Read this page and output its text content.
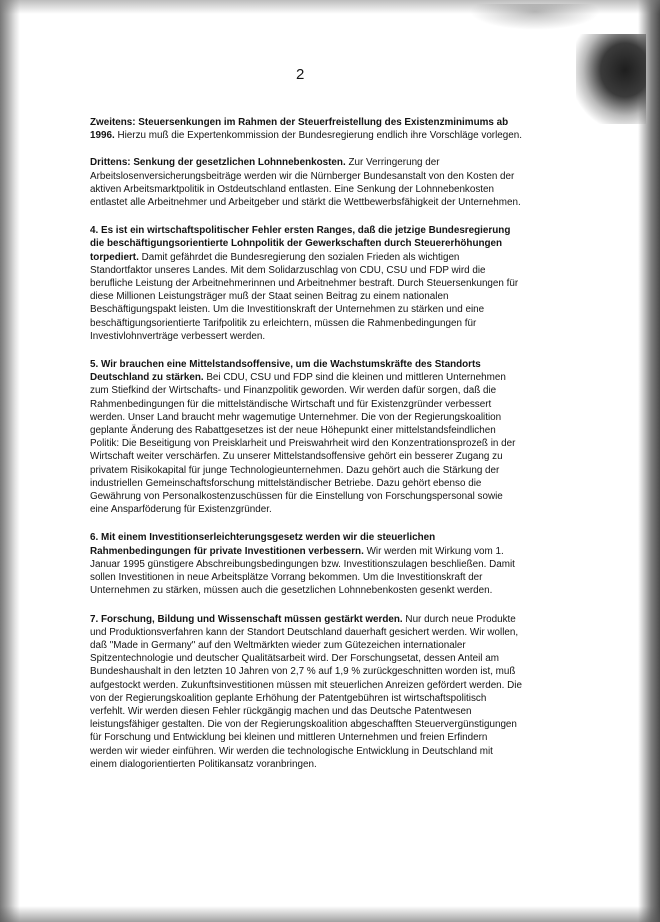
2

Zweitens: Steuersenkungen im Rahmen der Steuerfreistellung des Existenzminimums ab 1996. Hierzu muß die Expertenkommission der Bundesregierung endlich ihre Vorschläge vorlegen.

Drittens: Senkung der gesetzlichen Lohnnebenkosten. Zur Verringerung der Arbeitslosenversicherungsbeiträge werden wir die Nürnberger Bundesanstalt von den Kosten der aktiven Arbeitsmarktpolitik in Ostdeutschland entlasten. Eine Senkung der Lohnnebenkosten entlastet alle Arbeitnehmer und Arbeitgeber und stärkt die Wettbewerbsfähigkeit der Unternehmen.

4. Es ist ein wirtschaftspolitischer Fehler ersten Ranges, daß die jetzige Bundesregierung die beschäftigungsorientierte Lohnpolitik der Gewerkschaften durch Steuererhöhungen torpediert. Damit gefährdet die Bundesregierung den sozialen Frieden als wichtigen Standortfaktor unseres Landes. Mit dem Solidarzuschlag von CDU, CSU und FDP wird die berufliche Leistung der Arbeitnehmerinnen und Arbeitnehmer bestraft. Durch Steuersenkungen für diese Millionen Leistungsträger muß der Staat seinen Beitrag zu einem nationalen Beschäftigungspakt leisten. Um die Investitionskraft der Unternehmen zu stärken und eine beschäftigungsorientierte Tarifpolitik zu erleichtern, müssen die Rahmenbedingungen für Investivlohnverträge verbessert werden.

5. Wir brauchen eine Mittelstandsoffensive, um die Wachstumskräfte des Standorts Deutschland zu stärken. Bei CDU, CSU und FDP sind die kleinen und mittleren Unternehmen zum Stiefkind der Wirtschafts- und Finanzpolitik geworden. Wir werden dafür sorgen, daß die Rahmenbedingungen für die mittelständische Wirtschaft und für Existenzgründer verbessert werden. Unser Land braucht mehr wagemutige Unternehmer. Die von der Regierungskoalition geplante Änderung des Rabattgesetzes ist der neue Höhepunkt einer mittelstandsfeindlichen Politik: Die Beseitigung von Preisklarheit und Preiswahrheit wird den Konzentrationsprozeß in der Wirtschaft weiter verschärfen. Zu unserer Mittelstandsoffensive gehört ein besserer Zugang zu privatem Risikokapital für junge Technologieunternehmen. Dazu gehört auch die Stärkung der industriellen Gemeinschaftsforschung mittelständischer Betriebe. Dazu gehört ebenso die Gewährung von Personalkostenzuschüssen für die Einstellung von Forschungspersonal sowie eine Ansparföderung für Existenzgründer.

6. Mit einem Investitionserleichterungsgesetz werden wir die steuerlichen Rahmenbedingungen für private Investitionen verbessern. Wir werden mit Wirkung vom 1. Januar 1995 günstigere Abschreibungsbedingungen bzw. Investitionszulagen beschließen. Damit sollen Investitionen in neue Arbeitsplätze Vorrang bekommen. Um die Investitionskraft der Unternehmen zu stärken, müssen auch die gesetzlichen Lohnnebenkosten gesenkt werden.

7. Forschung, Bildung und Wissenschaft müssen gestärkt werden. Nur durch neue Produkte und Produktionsverfahren kann der Standort Deutschland dauerhaft gesichert werden. Wir wollen, daß "Made in Germany" auf den Weltmärkten wieder zum Gütezeichen internationaler Spitzentechnologie und deutscher Qualitätsarbeit wird. Der Forschungsetat, dessen Anteil am Bundeshaushalt in den letzten 10 Jahren von 2,7 % auf 1,9 % zurückgeschnitten worden ist, muß aufgestockt werden. Zukunftsinvestitionen müssen mit steuerlichen Anreizen gefördert werden. Die von der Regierungskoalition geplante Erhöhung der Patentgebühren ist wirtschaftspolitisch verfehlt. Wir werden diesen Fehler rückgängig machen und das Deutsche Patentwesen leistungsfähiger gestalten. Die von der Regierungskoalition abgeschafften Steuervergünstigungen für Forschung und Entwicklung bei kleinen und mittleren Unternehmen und freien Erfindern werden wir wieder einführen. Wir werden die technologische Entwicklung in Deutschland mit einem dialogorientierten Politikansatz voranbringen.
